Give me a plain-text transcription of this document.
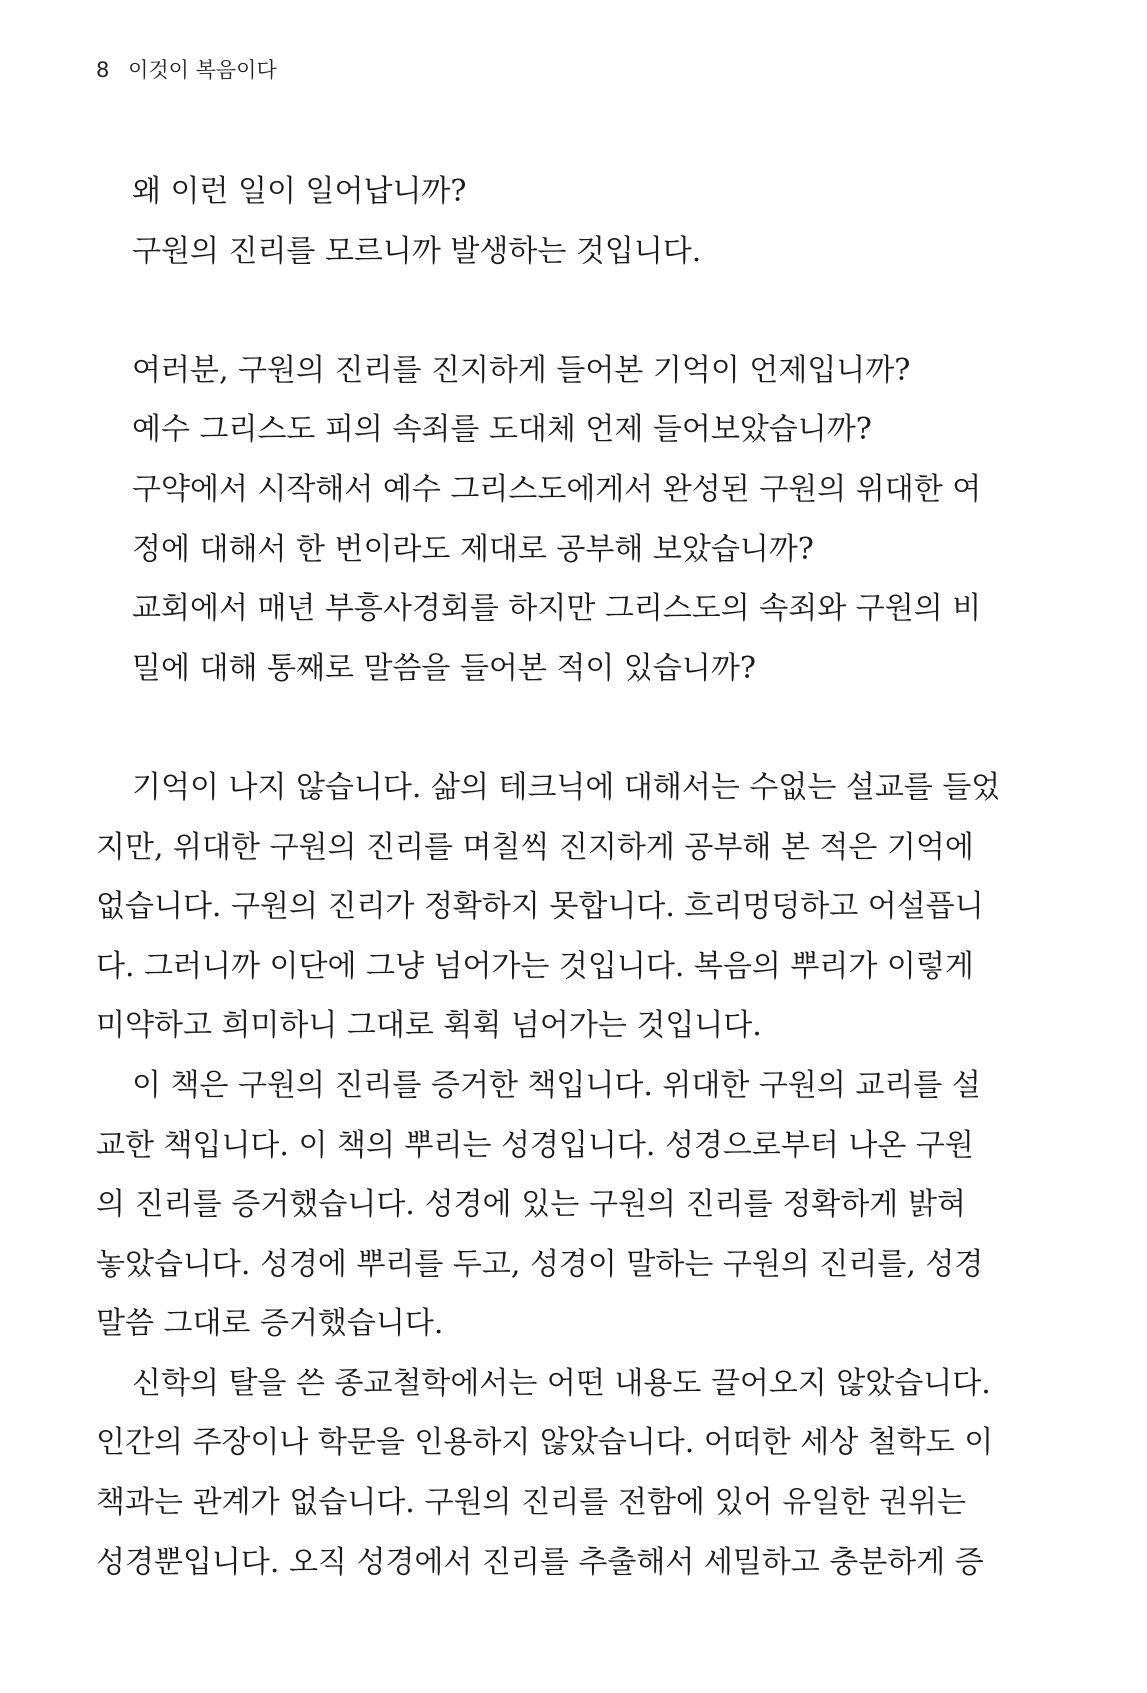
8 이것이 복음이다
왜 이런 일이 일어납니까?
구원의 진리를 모르니까 발생하는 것입니다.
여러분, 구원의 진리를 진지하게 들어본 기억이 언제입니까?
예수 그리스도 피의 속죄를 도대체 언제 들어보았습니까?
구약에서 시작해서 예수 그리스도에게서 완성된 구원의 위대한 여
정에 대해서 한 번이라도 제대로 공부해 보았습니까?
교회에서 매년 부흥사경회를 하지만 그리스도의 속죄와 구원의 비
밀에 대해 통째로 말씀을 들어본 적이 있습니까?
기억이 나지 않습니다. 삶의 테크닉에 대해서는 수없는 설교를 들었
지만, 위대한 구원의 진리를 며칠씩 진지하게 공부해 본 적은 기억에
없습니다. 구원의 진리가 정확하지 못합니다. 흐리멍덩하고 어설픕니
다. 그러니까 이단에 그냥 넘어가는 것입니다. 복음의 뿌리가 이렇게
미약하고 희미하니 그대로 휙휙 넘어가는 것입니다.
이 책은 구원의 진리를 증거한 책입니다. 위대한 구원의 교리를 설
교한 책입니다. 이 책의 뿌리는 성경입니다. 성경으로부터 나온 구원
의 진리를 증거했습니다. 성경에 있는 구원의 진리를 정확하게 밝혀
놓았습니다. 성경에 뿌리를 두고, 성경이 말하는 구원의 진리를, 성경
말씀 그대로 증거했습니다.
신학의 탈을 쓴 종교철학에서는 어떤 내용도 끌어오지 않았습니다.
인간의 주장이나 학문을 인용하지 않았습니다. 어떠한 세상 철학도 이
책과는 관계가 없습니다. 구원의 진리를 전함에 있어 유일한 권위는
성경뿐입니다. 오직 성경에서 진리를 추출해서 세밀하고 충분하게 증
